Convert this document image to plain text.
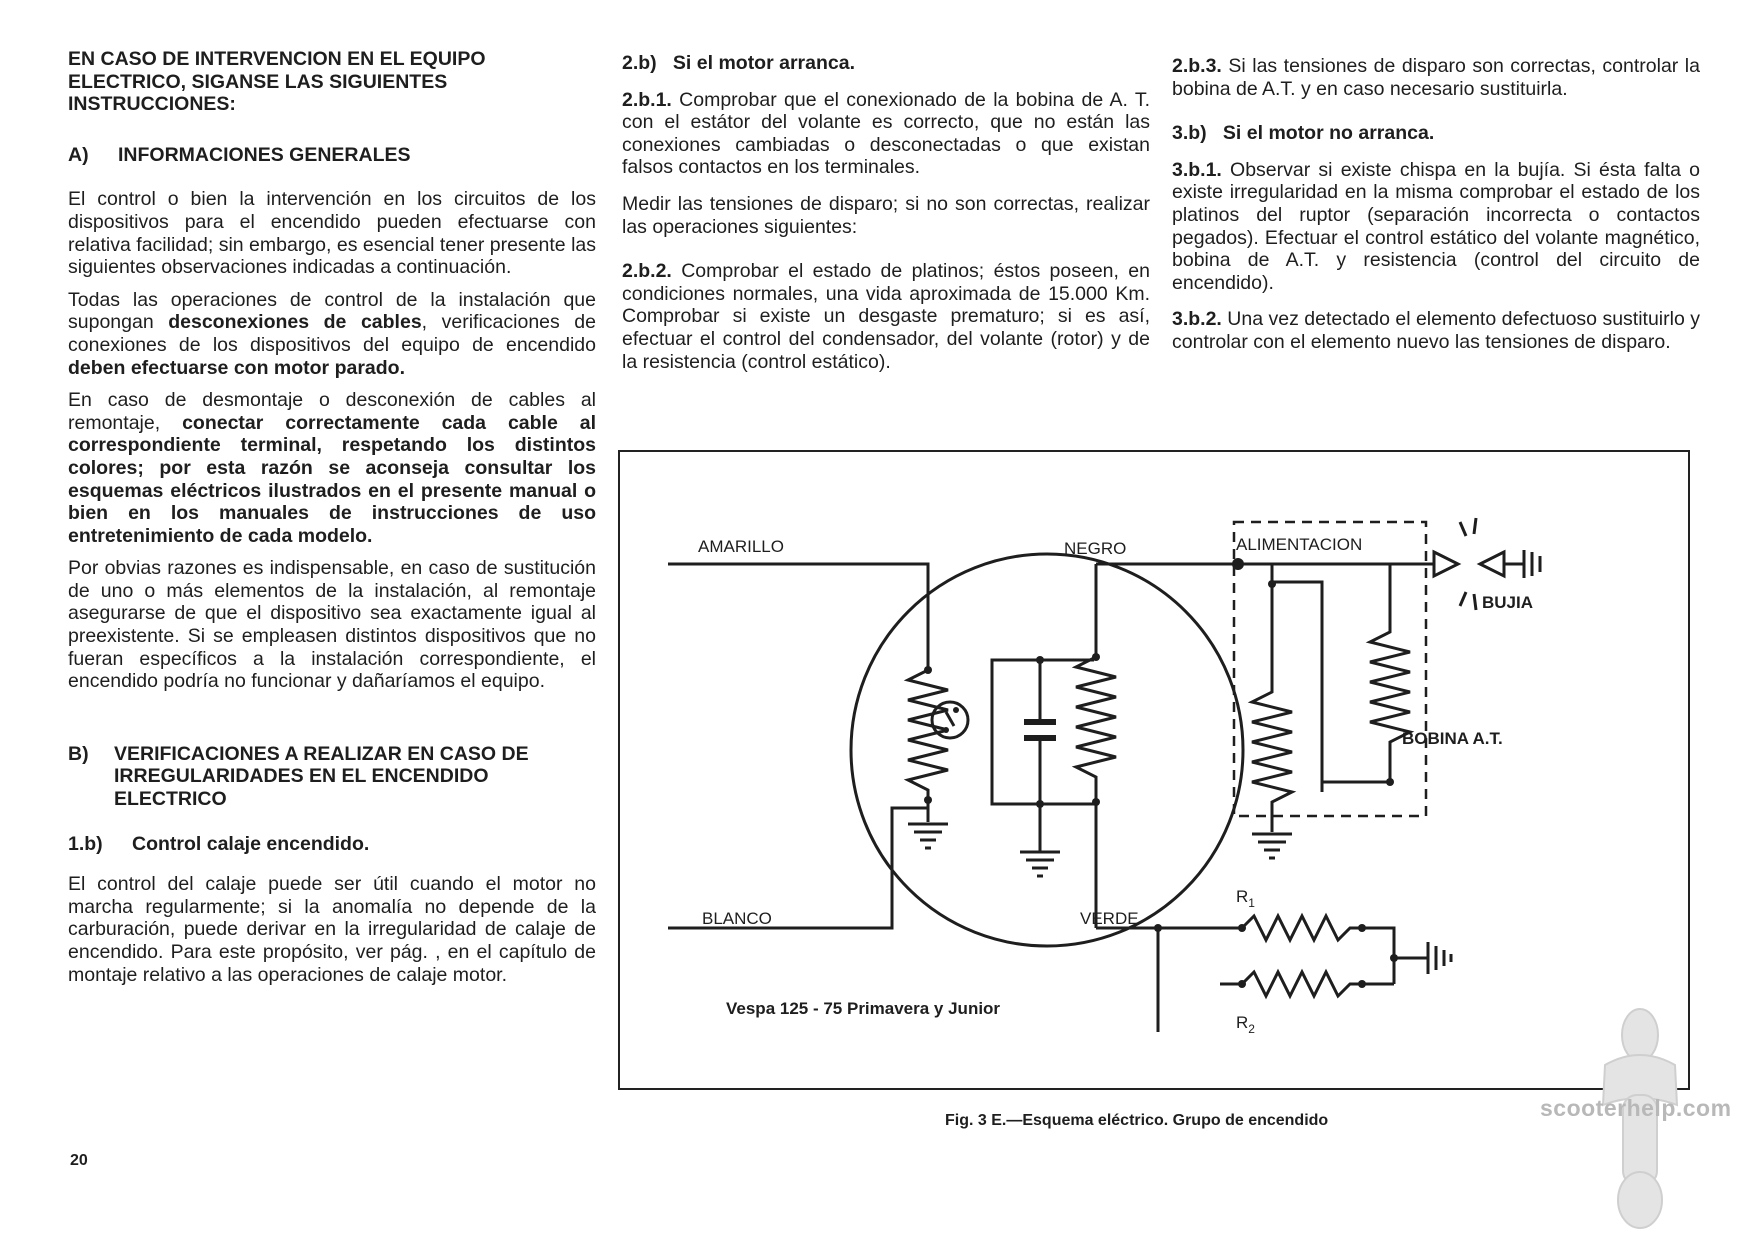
EN CASO DE INTERVENCION EN EL EQUIPO ELECTRICO, SIGANSE LAS SIGUIENTES INSTRUCCIONES:

A)	INFORMACIONES GENERALES

El control o bien la intervención en los circuitos de los dispositivos para el encendido pueden efectuarse con relativa facilidad; sin embargo, es esencial tener presente las siguientes observaciones indicadas a continuación.

Todas las operaciones de control de la instalación que supongan desconexiones de cables, verificaciones de conexiones de los dispositivos del equipo de encendido deben efectuarse con motor parado.

En caso de desmontaje o desconexión de cables al remontaje, conectar correctamente cada cable al correspondiente terminal, respetando los distintos colores; por esta razón se aconseja consultar los esquemas eléctricos ilustrados en el presente manual o bien en los manuales de instrucciones de uso entretenimiento de cada modelo.

Por obvias razones es indispensable, en caso de sustitución de uno o más elementos de la instalación, al remontaje asegurarse de que el dispositivo sea exactamente igual al preexistente. Si se empleasen distintos dispositivos que no fueran específicos a la instalación correspondiente, el encendido podría no funcionar y dañaríamos el equipo.

B)	VERIFICACIONES A REALIZAR EN CASO DE IRREGULARIDADES EN EL ENCENDIDO ELECTRICO
1.b)	Control calaje encendido.

El control del calaje puede ser útil cuando el motor no marcha regularmente; si la anomalía no depende de la carburación, puede derivar en la irregularidad de calaje de encendido. Para este propósito, ver pág. , en el capítulo de montaje relativo a las operaciones de calaje motor.

2.b)   Si el motor arranca.

2.b.1. Comprobar que el conexionado de la bobina de A. T. con el estátor del volante es correcto, que no están las conexiones cambiadas o desconectadas o que existan falsos contactos en los terminales.

Medir las tensiones de disparo; si no son correctas, realizar las operaciones siguientes:

2.b.2. Comprobar el estado de platinos; éstos poseen, en condiciones normales, una vida aproximada de 15.000 Km. Comprobar si existe un desgaste prematuro; si es así, efectuar el control del condensador, del volante (rotor) y de la resistencia (control estático).

2.b.3. Si las tensiones de disparo son correctas, controlar la bobina de A.T. y en caso necesario sustituirla.

3.b)   Si el motor no arranca.

3.b.1. Observar si existe chispa en la bujía. Si ésta falta o existe irregularidad en la misma comprobar el estado de los platinos del ruptor (separación incorrecta o contactos pegados). Efectuar el control estático del volante magnético, bobina de A.T. y resistencia (control del circuito de encendido).

3.b.2. Una vez detectado el elemento defectuoso sustituirlo y controlar con el elemento nuevo las tensiones de disparo.

AMARILLO	NEGRO
BLANCO	VERDE
ALIMENTACION
BUJIA
BOBINA A.T.
$R_1$
$R_2$
Vespa 125 - 75 Primavera y Junior
Fig. 3 E.—Esquema eléctrico. Grupo de encendido
20
scooterhelp.com
